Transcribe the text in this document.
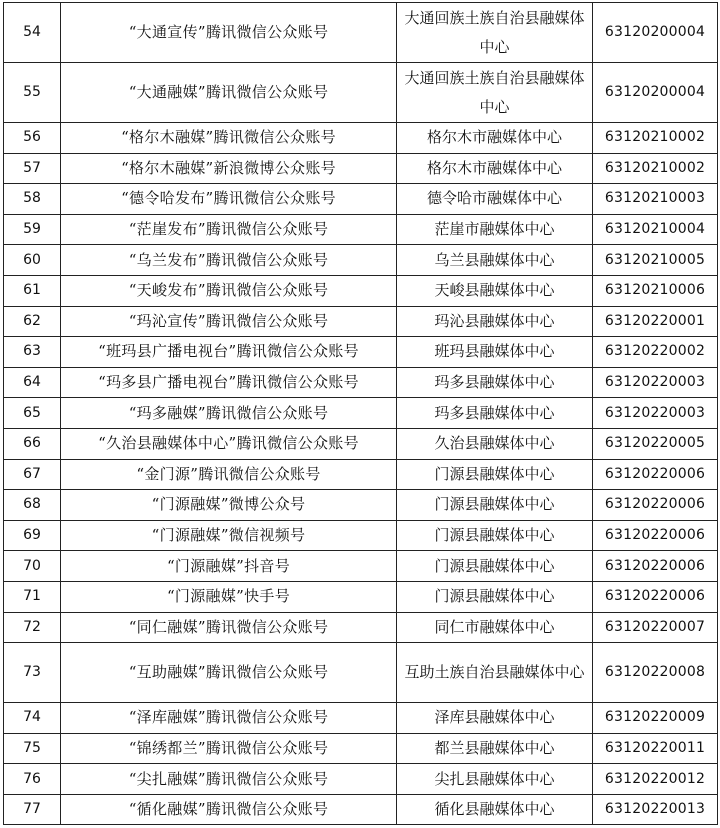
54	“大通宣传”腾讯微信公众账号	大通回族土族自治县融媒体中心	63120200004
55	“大通融媒”腾讯微信公众账号	大通回族土族自治县融媒体中心	63120200004
56	“格尔木融媒”腾讯微信公众账号	格尔木市融媒体中心	63120210002
57	“格尔木融媒”新浪微博公众账号	格尔木市融媒体中心	63120210002
58	“德令哈发布”腾讯微信公众账号	德令哈市融媒体中心	63120210003
59	“茫崖发布”腾讯微信公众账号	茫崖市融媒体中心	63120210004
60	“乌兰发布”腾讯微信公众账号	乌兰县融媒体中心	63120210005
61	“天峻发布”腾讯微信公众账号	天峻县融媒体中心	63120210006
62	“玛沁宣传”腾讯微信公众账号	玛沁县融媒体中心	63120220001
63	“班玛县广播电视台”腾讯微信公众账号	班玛县融媒体中心	63120220002
64	“玛多县广播电视台”腾讯微信公众账号	玛多县融媒体中心	63120220003
65	“玛多融媒”腾讯微信公众账号	玛多县融媒体中心	63120220003
66	“久治县融媒体中心”腾讯微信公众账号	久治县融媒体中心	63120220005
67	“金门源”腾讯微信公众账号	门源县融媒体中心	63120220006
68	“门源融媒”微博公众号	门源县融媒体中心	63120220006
69	“门源融媒”微信视频号	门源县融媒体中心	63120220006
70	“门源融媒”抖音号	门源县融媒体中心	63120220006
71	“门源融媒”快手号	门源县融媒体中心	63120220006
72	“同仁融媒”腾讯微信公众账号	同仁市融媒体中心	63120220007
73	“互助融媒”腾讯微信公众账号	互助土族自治县融媒体中心	63120220008
74	“泽库融媒”腾讯微信公众账号	泽库县融媒体中心	63120220009
75	“锦绣都兰”腾讯微信公众账号	都兰县融媒体中心	63120220011
76	“尖扎融媒”腾讯微信公众账号	尖扎县融媒体中心	63120220012
77	“循化融媒”腾讯微信公众账号	循化县融媒体中心	63120220013
